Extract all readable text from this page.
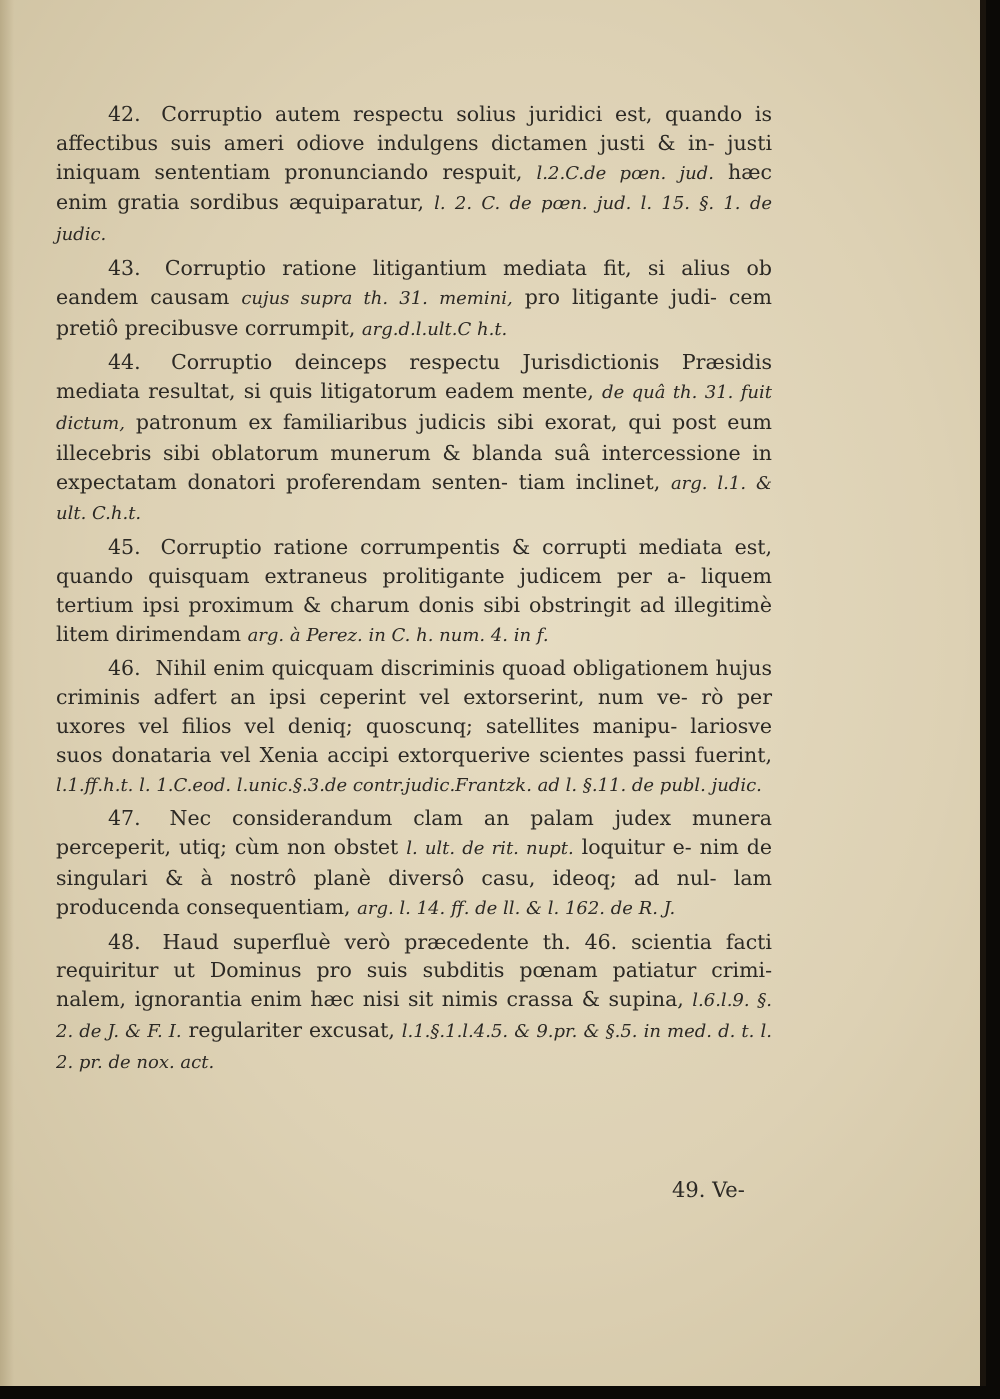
42. Corruptio autem respectu solius juridici est, quando is affectibus suis ameri odiove indulgens dictamen justi & in- justi iniquam sententiam pronunciando respuit, l.2.C.de pœn. jud. hæc enim gratia sordibus æquiparatur, l. 2. C. de pœn. jud. l. 15. §. 1. de judic.

43. Corruptio ratione litigantium mediata fit, si alius ob eandem causam cujus supra th. 31. memini, pro litigante judi- cem pretiô precibusve corrumpit, arg.d.l.ult.C h.t.

44. Corruptio deinceps respectu Jurisdictionis Præsidis mediata resultat, si quis litigatorum eadem mente, de quâ th. 31. fuit dictum, patronum ex familiaribus judicis sibi exorat, qui post eum illecebris sibi oblatorum munerum & blanda suâ intercessione in expectatam donatori proferendam senten- tiam inclinet, arg. l.1. & ult. C.h.t.

45. Corruptio ratione corrumpentis & corrupti mediata est, quando quisquam extraneus prolitigante judicem per a- liquem tertium ipsi proximum & charum donis sibi obstringit ad illegitimè litem dirimendam arg. à Perez. in C. h. num. 4. in f.

46. Nihil enim quicquam discriminis quoad obligationem hujus criminis adfert an ipsi ceperint vel extorserint, num ve- rò per uxores vel filios vel deniq; quoscunq; satellites manipu- lariosve suos donataria vel Xenia accipi extorquerive scientes passi fuerint, l.1.ff.h.t. l. 1.C.eod. l.unic.§.3.de contr.judic.Frantzk. ad l. §.11. de publ. judic.

47. Nec considerandum clam an palam judex munera perceperit, utiq; cùm non obstet l. ult. de rit. nupt. loquitur e- nim de singulari & à nostrô planè diversô casu, ideoq; ad nul- lam producenda consequentiam, arg. l. 14. ff. de ll. & l. 162. de R. J.

48. Haud superfluè verò præcedente th. 46. scientia facti requiritur ut Dominus pro suis subditis pœnam patiatur crimi- nalem, ignorantia enim hæc nisi sit nimis crassa & supina, l.6.l.9. §. 2. de J. & F. I. regulariter excusat, l.1.§.1.l.4.5. & 9.pr. & §.5. in med. d. t. l. 2. pr. de nox. act.

49. Ve-
